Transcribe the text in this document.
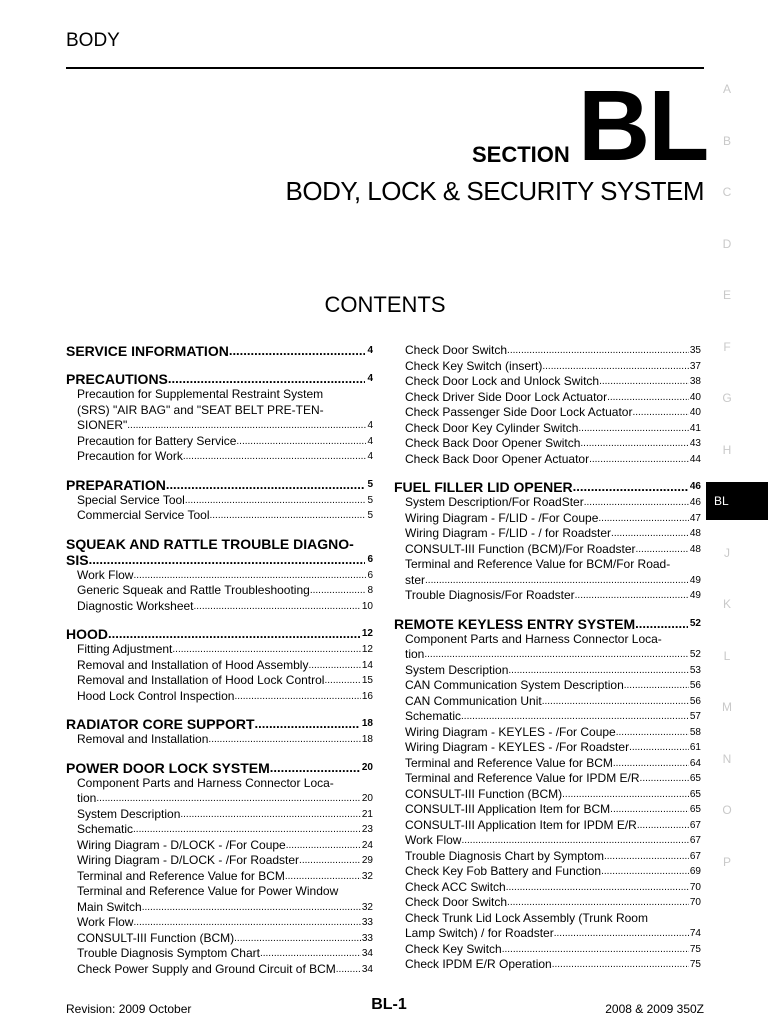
BODY
SECTION BL
BODY, LOCK & SECURITY SYSTEM
CONTENTS
SERVICE INFORMATION .....	4
PRECAUTIONS .....	4
Precaution for Supplemental Restraint System
(SRS) "AIR BAG" and "SEAT BELT PRE-TEN-
SIONER" .....	4
Precaution for Battery Service .....	4
Precaution for Work .....	4
PREPARATION .....	5
Special Service Tool .....	5
Commercial Service Tool .....	5
SQUEAK AND RATTLE TROUBLE DIAGNO-
SIS .....	6
Work Flow .....	6
Generic Squeak and Rattle Troubleshooting .....	8
Diagnostic Worksheet .....	10
HOOD .....	12
Fitting Adjustment .....	12
Removal and Installation of Hood Assembly .....	14
Removal and Installation of Hood Lock Control .....	15
Hood Lock Control Inspection .....	16
RADIATOR CORE SUPPORT .....	18
Removal and Installation .....	18
POWER DOOR LOCK SYSTEM .....	20
Component Parts and Harness Connector Loca-
tion .....	20
System Description .....	21
Schematic .....	23
Wiring Diagram - D/LOCK - /For Coupe .....	24
Wiring Diagram - D/LOCK - /For Roadster .....	29
Terminal and Reference Value for BCM .....	32
Terminal and Reference Value for Power Window
Main Switch .....	32
Work Flow .....	33
CONSULT-III Function (BCM) .....	33
Trouble Diagnosis Symptom Chart .....	34
Check Power Supply and Ground Circuit of BCM .....	34
Check Door Switch .....	35
Check Key Switch (insert) .....	37
Check Door Lock and Unlock Switch .....	38
Check Driver Side Door Lock Actuator .....	40
Check Passenger Side Door Lock Actuator .....	40
Check Door Key Cylinder Switch .....	41
Check Back Door Opener Switch .....	43
Check Back Door Opener Actuator .....	44
FUEL FILLER LID OPENER .....	46
System Description/For RoadSter .....	46
Wiring Diagram - F/LID - /For Coupe .....	47
Wiring Diagram - F/LID - / for Roadster .....	48
CONSULT-III Function (BCM)/For Roadster .....	48
Terminal and Reference Value for BCM/For Road-
ster .....	49
Trouble Diagnosis/For Roadster .....	49
REMOTE KEYLESS ENTRY SYSTEM .....	52
Component Parts and Harness Connector Loca-
tion .....	52
System Description .....	53
CAN Communication System Description .....	56
CAN Communication Unit .....	56
Schematic .....	57
Wiring Diagram - KEYLES - /For Coupe .....	58
Wiring Diagram - KEYLES - /For Roadster .....	61
Terminal and Reference Value for BCM .....	64
Terminal and Reference Value for IPDM E/R .....	65
CONSULT-III Function (BCM) .....	65
CONSULT-III Application Item for BCM .....	65
CONSULT-III Application Item for IPDM E/R .....	67
Work Flow .....	67
Trouble Diagnosis Chart by Symptom .....	67
Check Key Fob Battery and Function .....	69
Check ACC Switch .....	70
Check Door Switch .....	70
Check Trunk Lid Lock Assembly (Trunk Room
Lamp Switch) / for Roadster .....	74
Check Key Switch .....	75
Check IPDM E/R Operation .....	75
A
B
C
D
E
F
G
H
BL
J
K
L
M
N
O
P
Revision: 2009 October	BL-1	2008 & 2009 350Z
